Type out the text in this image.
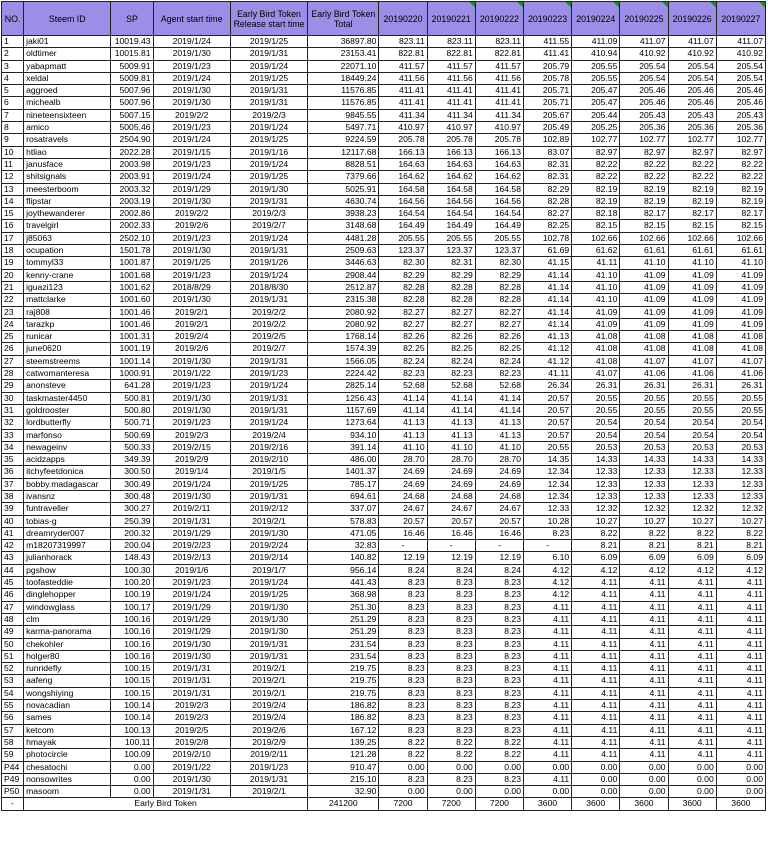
NO.	Steem ID	SP	Agent start time	Early Bird Token Release start time	Early Bird Token Total	20190220	20190221	20190222	20190223	20190224	20190225	20190226	20190227
1	jaki01	10019.43	2019/1/24	2019/1/25	36897.80	823.11	823.11	823.11	411.55	411.09	411.07	411.07	411.07
2	oldtimer	10015.81	2019/1/30	2019/1/31	23153.41	822.81	822.81	822.81	411.41	410.94	410.92	410.92	410.92
3	yabapmatt	5009.91	2019/1/23	2019/1/24	22071.10	411.57	411.57	411.57	205.79	205.55	205.54	205.54	205.54
4	xeldal	5009.81	2019/1/24	2019/1/25	18449.24	411.56	411.56	411.56	205.78	205.55	205.54	205.54	205.54
5	aggroed	5007.96	2019/1/30	2019/1/31	11576.85	411.41	411.41	411.41	205.71	205.47	205.46	205.46	205.46
6	michealb	5007.96	2019/1/30	2019/1/31	11576.85	411.41	411.41	411.41	205.71	205.47	205.46	205.46	205.46
7	nineteensixteen	5007.15	2019/2/2	2019/2/3	9845.55	411.34	411.34	411.34	205.67	205.44	205.43	205.43	205.43
8	amico	5005.46	2019/1/23	2019/1/24	5497.71	410.97	410.97	410.97	205.49	205.25	205.36	205.36	205.36
9	rosatravels	2504.90	2019/1/24	2019/1/25	9224.59	205.78	205.78	205.78	102.89	102.77	102.77	102.77	102.77
10	htliao	2022.28	2019/1/15	2019/1/16	12117.68	166.13	166.13	166.13	83.07	82.97	82.97	82.97	82.97
11	janusface	2003.98	2019/1/23	2019/1/24	8828.51	164.63	164.63	164.63	82.31	82.22	82.22	82.22	82.22
12	shitsignals	2003.91	2019/1/24	2019/1/25	7379.66	164.62	164.62	164.62	82.31	82.22	82.22	82.22	82.22
13	meesterboom	2003.32	2019/1/29	2019/1/30	5025.91	164.58	164.58	164.58	82.29	82.19	82.19	82.19	82.19
14	flipstar	2003.19	2019/1/30	2019/1/31	4630.74	164.56	164.56	164.56	82.28	82.19	82.19	82.19	82.19
15	joythewanderer	2002.86	2019/2/2	2019/2/3	3938.23	164.54	164.54	164.54	82.27	82.18	82.17	82.17	82.17
16	travelgirl	2002.33	2019/2/6	2019/2/7	3148.68	164.49	164.49	164.49	82.25	82.15	82.15	82.15	82.15
17	j85063	2502.10	2019/1/23	2019/1/24	4481.28	205.55	205.55	205.55	102.78	102.66	102.66	102.66	102.66
18	ocupation	1501.78	2019/1/30	2019/1/31	2509.63	123.37	123.37	123.37	61.69	61.62	61.61	61.61	61.61
19	tommyl33	1001.87	2019/1/25	2019/1/26	3446.63	82.30	82.31	82.30	41.15	41.11	41.10	41.10	41.10
20	kenny-crane	1001.68	2019/1/23	2019/1/24	2908.44	82.29	82.29	82.29	41.14	41.10	41.09	41.09	41.09
21	iguazi123	1001.62	2018/8/29	2018/8/30	2512.87	82.28	82.28	82.28	41.14	41.10	41.09	41.09	41.09
22	mattclarke	1001.60	2019/1/30	2019/1/31	2315.38	82.28	82.28	82.28	41.14	41.10	41.09	41.09	41.09
23	raj808	1001.46	2019/2/1	2019/2/2	2080.92	82.27	82.27	82.27	41.14	41.09	41.09	41.09	41.09
24	tarazkp	1001.46	2019/2/1	2019/2/2	2080.92	82.27	82.27	82.27	41.14	41.09	41.09	41.09	41.09
25	runicar	1001.31	2019/2/4	2019/2/5	1768.14	82.26	82.26	82.26	41.13	41.08	41.08	41.08	41.08
26	june0620	1001.19	2019/2/6	2019/2/7	1574.39	82.25	82.25	82.25	41.12	41.08	41.08	41.08	41.08
27	steemstreems	1001.14	2019/1/30	2019/1/31	1566.05	82.24	82.24	82.24	41.12	41.08	41.07	41.07	41.07
28	catwomanteresa	1000.91	2019/1/22	2019/1/23	2224.42	82.23	82.23	82.23	41.11	41.07	41.06	41.06	41.06
29	anonsteve	641.28	2019/1/23	2019/1/24	2825.14	52.68	52.68	52.68	26.34	26.31	26.31	26.31	26.31
30	taskmaster4450	500.81	2019/1/30	2019/1/31	1256.43	41.14	41.14	41.14	20.57	20.55	20.55	20.55	20.55
31	goldrooster	500.80	2019/1/30	2019/1/31	1157.69	41.14	41.14	41.14	20.57	20.55	20.55	20.55	20.55
32	lordbutterfly	500.71	2019/1/23	2019/1/24	1273.64	41.13	41.13	41.13	20.57	20.54	20.54	20.54	20.54
33	marfonso	500.69	2019/2/3	2019/2/4	934.10	41.13	41.13	41.13	20.57	20.54	20.54	20.54	20.54
34	newageinv	500.33	2019/2/15	2019/2/16	391.14	41.10	41.10	41.10	20.55	20.53	20.53	20.53	20.53
35	acidzapps	349.39	2019/2/9	2019/2/10	486.00	28.70	28.70	28.70	14.35	14.33	14.33	14.33	14.33
36	itchyfeetdonica	300.50	2019/1/4	2019/1/5	1401.37	24.69	24.69	24.69	12.34	12.33	12.33	12.33	12.33
37	bobby.madagascar	300.49	2019/1/24	2019/1/25	785.17	24.69	24.69	24.69	12.34	12.33	12.33	12.33	12.33
38	ivansnz	300.48	2019/1/30	2019/1/31	694.61	24.68	24.68	24.68	12.34	12.33	12.33	12.33	12.33
39	funtraveller	300.27	2019/2/11	2019/2/12	337.07	24.67	24.67	24.67	12.33	12.32	12.32	12.32	12.32
40	tobias-g	250.39	2019/1/31	2019/2/1	578.83	20.57	20.57	20.57	10.28	10.27	10.27	10.27	10.27
41	dreamryder007	200.32	2019/1/29	2019/1/30	471.05	16.46	16.46	16.46	8.23	8.22	8.22	8.22	8.22
42	m18207319997	200.04	2019/2/23	2019/2/24	32.83	-	-	-	-	8.21	8.21	8.21	8.21
43	julianhorack	148.43	2019/2/13	2019/2/14	140.82	12.19	12.19	12.19	6.10	6.09	6.09	6.09	6.09
44	pgshow	100.30	2019/1/6	2019/1/7	956.14	8.24	8.24	8.24	4.12	4.12	4.12	4.12	4.12
45	toofasteddie	100.20	2019/1/23	2019/1/24	441.43	8.23	8.23	8.23	4.12	4.11	4.11	4.11	4.11
46	dinglehopper	100.19	2019/1/24	2019/1/25	368.98	8.23	8.23	8.23	4.12	4.11	4.11	4.11	4.11
47	windowglass	100.17	2019/1/29	2019/1/30	251.30	8.23	8.23	8.23	4.11	4.11	4.11	4.11	4.11
48	clm	100.16	2019/1/29	2019/1/30	251.29	8.23	8.23	8.23	4.11	4.11	4.11	4.11	4.11
49	karma-panorama	100.16	2019/1/29	2019/1/30	251.29	8.23	8.23	8.23	4.11	4.11	4.11	4.11	4.11
50	chekohler	100.16	2019/1/30	2019/1/31	231.54	8.23	8.23	8.23	4.11	4.11	4.11	4.11	4.11
51	holger80	100.16	2019/1/30	2019/1/31	231.54	8.23	8.23	8.23	4.11	4.11	4.11	4.11	4.11
52	runridefly	100.15	2019/1/31	2019/2/1	219.75	8.23	8.23	8.23	4.11	4.11	4.11	4.11	4.11
53	aafeng	100.15	2019/1/31	2019/2/1	219.75	8.23	8.23	8.23	4.11	4.11	4.11	4.11	4.11
54	wongshiying	100.15	2019/1/31	2019/2/1	219.75	8.23	8.23	8.23	4.11	4.11	4.11	4.11	4.11
55	novacadian	100.14	2019/2/3	2019/2/4	186.82	8.23	8.23	8.23	4.11	4.11	4.11	4.11	4.11
56	sames	100.14	2019/2/3	2019/2/4	186.82	8.23	8.23	8.23	4.11	4.11	4.11	4.11	4.11
57	ketcom	100.13	2019/2/5	2019/2/6	167.12	8.23	8.23	8.23	4.11	4.11	4.11	4.11	4.11
58	hmayak	100.11	2019/2/8	2019/2/9	139.25	8.22	8.22	8.22	4.11	4.11	4.11	4.11	4.11
59	photocircle	100.09	2019/2/10	2019/2/11	121.28	8.22	8.22	8.22	4.11	4.11	4.11	4.11	4.11
P44	chesatochi	0.00	2019/1/22	2019/1/23	910.47	0.00	0.00	0.00	0.00	0.00	0.00	0.00	0.00
P49	nonsowrites	0.00	2019/1/30	2019/1/31	215.10	8.23	8.23	8.23	4.11	0.00	0.00	0.00	0.00
P50	masoom	0.00	2019/1/31	2019/2/1	32.90	0.00	0.00	0.00	0.00	0.00	0.00	0.00	0.00
-	Early Bird Token				241200	7200	7200	7200	3600	3600	3600	3600	3600
